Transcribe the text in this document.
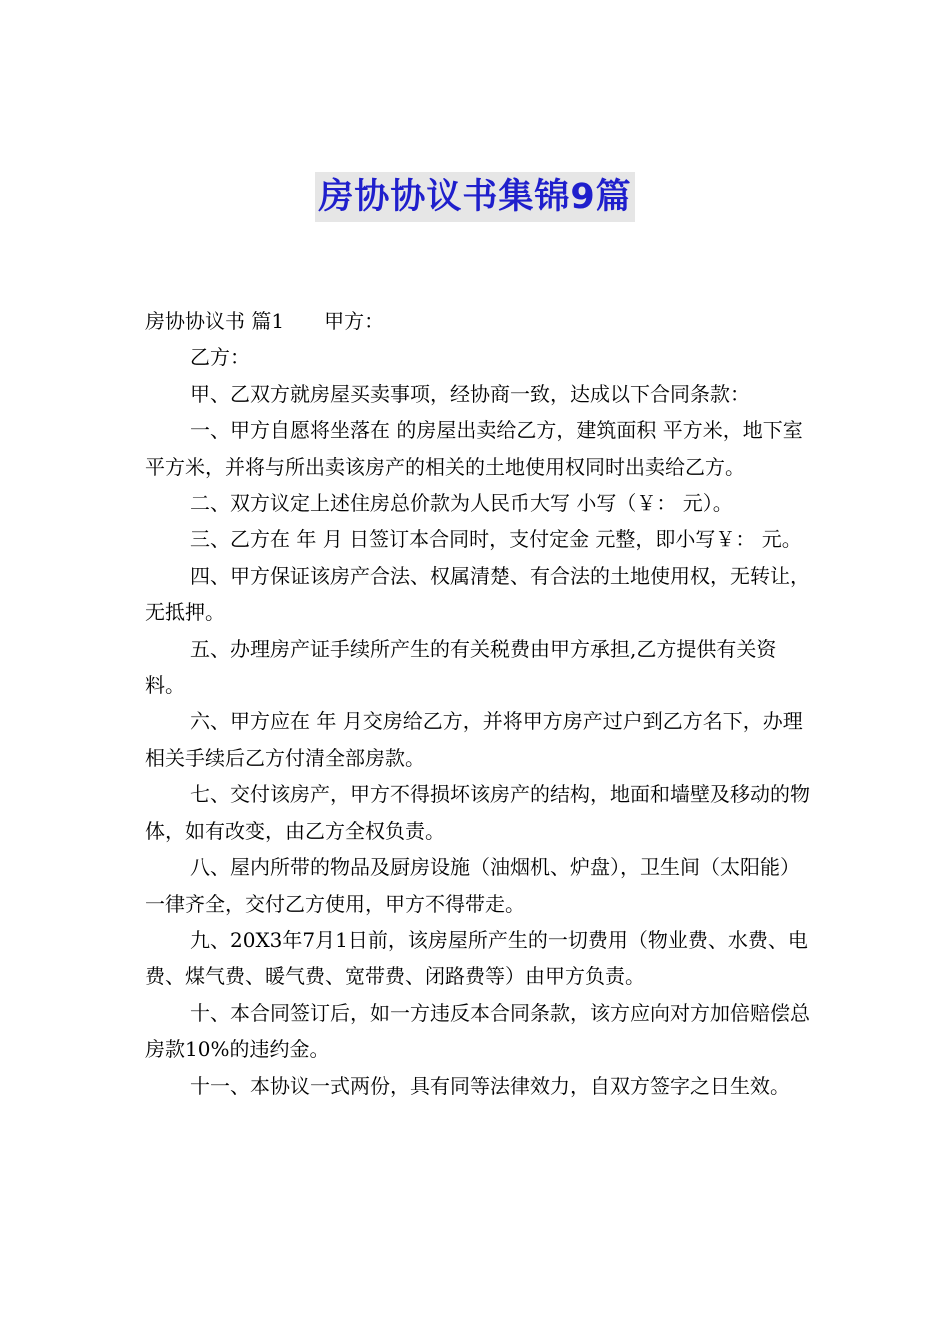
房协协议书集锦9篇

房协协议书 篇1 甲方：

乙方：

甲、乙双方就房屋买卖事项，经协商一致，达成以下合同条款：

一、甲方自愿将坐落在 的房屋出卖给乙方，建筑面积 平方米，地下室 平方米，并将与所出卖该房产的相关的土地使用权同时出卖给乙方。

二、双方议定上述住房总价款为人民币大写 小写（￥： 元）。

三、乙方在 年 月 日签订本合同时，支付定金 元整，即小写￥： 元。

四、甲方保证该房产合法、权属清楚、有合法的土地使用权，无转让，无抵押。

五、办理房产证手续所产生的有关税费由甲方承担,乙方提供有关资料。

六、甲方应在 年 月交房给乙方，并将甲方房产过户到乙方名下，办理相关手续后乙方付清全部房款。

七、交付该房产，甲方不得损坏该房产的结构，地面和墙壁及移动的物体，如有改变，由乙方全权负责。

八、屋内所带的物品及厨房设施（油烟机、炉盘），卫生间（太阳能）一律齐全，交付乙方使用，甲方不得带走。

九、20X3年7月1日前，该房屋所产生的一切费用（物业费、水费、电费、煤气费、暖气费、宽带费、闭路费等）由甲方负责。

十、本合同签订后，如一方违反本合同条款，该方应向对方加倍赔偿总房款10%的违约金。

十一、本协议一式两份，具有同等法律效力，自双方签字之日生效。
